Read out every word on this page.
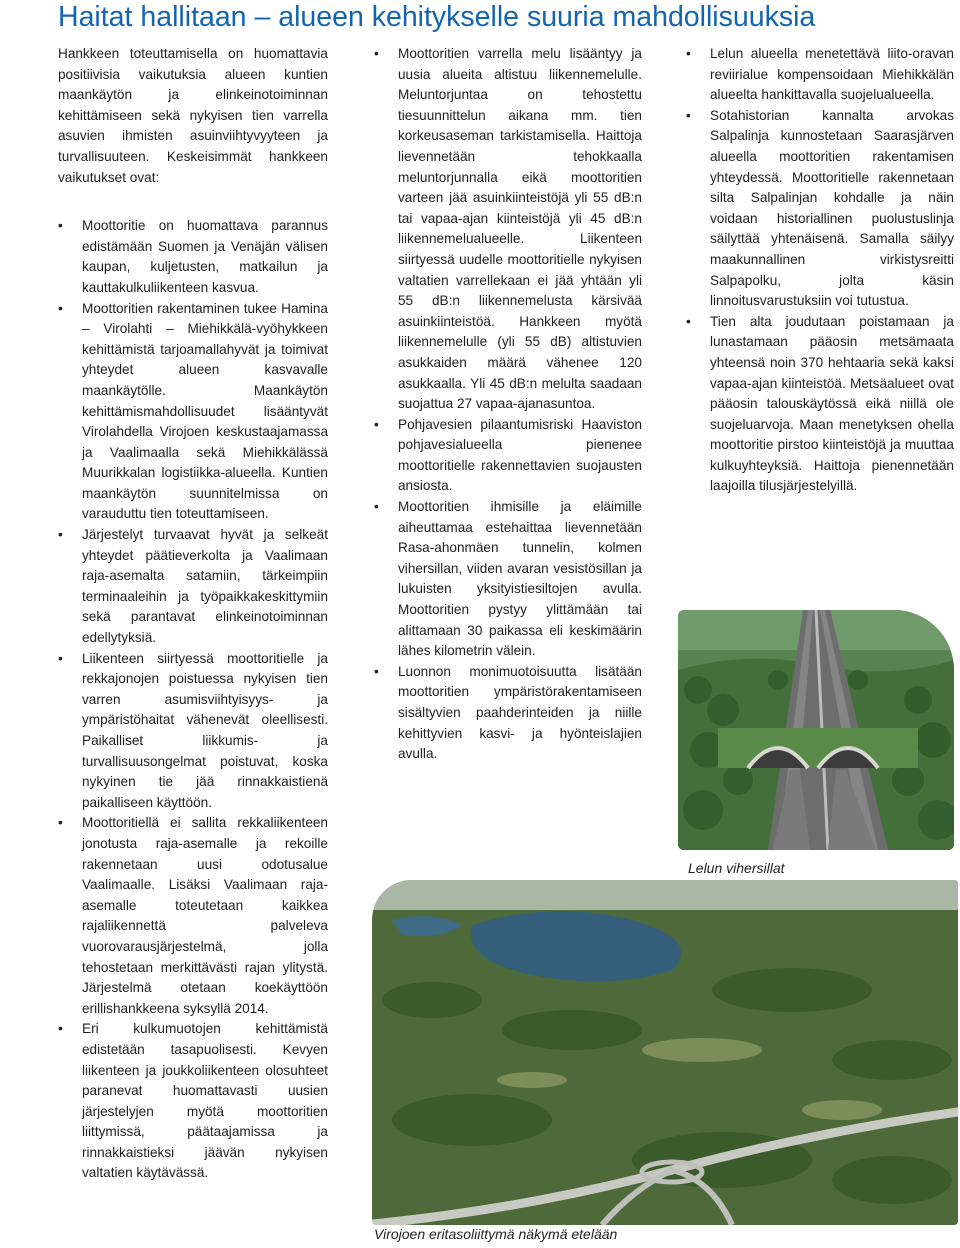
Haitat hallitaan – alueen kehitykselle suuria mahdollisuuksia

Hankkeen toteuttamisella on huomattavia positiivisia vaikutuksia alueen kuntien maankäytön ja elinkeinotoiminnan kehittämiseen sekä nykyisen tien varrella asuvien ihmisten asuinviihtyvyyteen ja turvallisuuteen. Keskeisimmät hankkeen vaikutukset ovat:

• Moottoritie on huomattava parannus edistämään Suomen ja Venäjän välisen kaupan, kuljetusten, matkailun ja kauttakulkuliikenteen kasvua.
• Moottoritien rakentaminen tukee Hamina – Virolahti – Miehikkälä-vyöhykkeen kehittämistä tarjoamallahyvät ja toimivat yhteydet alueen kasvavalle maankäytölle. Maankäytön kehittämismahdollisuudet lisääntyvät Virolahdella Virojoen keskustaajamassa ja Vaalimaalla sekä Miehikkälässä Muurikkalan logistiikka-alueella. Kuntien maankäytön suunnitelmissa on varauduttu tien toteuttamiseen.
• Järjestelyt turvaavat hyvät ja selkeät yhteydet päätieverkolta ja Vaalimaan raja-asemalta satamiin, tärkeimpiin terminaaleihin ja työpaikkakeskittymiin sekä parantavat elinkeinotoiminnan edellytyksiä.
• Liikenteen siirtyessä moottoritielle ja rekkajonojen poistuessa nykyisen tien varren asumisviihtyisyys- ja ympäristöhaitat vähenevät oleellisesti. Paikalliset liikkumis- ja turvallisuusongelmat poistuvat, koska nykyinen tie jää rinnakkaistienä paikalliseen käyttöön.
• Moottoritiellä ei sallita rekkaliikenteen jonotusta raja-asemalle ja rekoille rakennetaan uusi odotusalue Vaalimaalle. Lisäksi Vaalimaan raja-asemalle toteutetaan kaikkea rajaliikennettä palveleva vuorovarausjärjestelmä, jolla tehostetaan merkittävästi rajan ylitystä. Järjestelmä otetaan koekäyttöön erillishankkeena syksyllä 2014.
• Eri kulkumuotojen kehittämistä edistetään tasapuolisesti. Kevyen liikenteen ja joukkoliikenteen olosuhteet paranevat huomattavasti uusien järjestelyjen myötä moottoritien liittymissä, päätaajamissa ja rinnakkaistieksi jäävän nykyisen valtatien käytävässä.
• Moottoritien varrella melu lisääntyy ja uusia alueita altistuu liikennemelulle. Meluntorjuntaa on tehostettu tiesuunnittelun aikana mm. tien korkeusaseman tarkistamisella. Haittoja lievennetään tehokkaalla meluntorjunnalla eikä moottoritien varteen jää asuinkiinteistöjä yli 55 dB:n tai vapaa-ajan kiinteistöjä yli 45 dB:n liikennemelualueelle. Liikenteen siirtyessä uudelle moottoritielle nykyisen valtatien varrellekaan ei jää yhtään yli 55 dB:n liikennemelusta kärsivää asuinkiinteistöä. Hankkeen myötä liikennemelulle (yli 55 dB) altistuvien asukkaiden määrä vähenee 120 asukkaalla. Yli 45 dB:n melulta saadaan suojattua 27 vapaa-ajanasuntoa.
• Pohjavesien pilaantumisriski Haaviston pohjavesialueella pienenee moottoritielle rakennettavien suojausten ansiosta.
• Moottoritien ihmisille ja eläimille aiheuttamaa estehaittaa lievennetään Rasa-ahonmäen tunnelin, kolmen vihersillan, viiden avaran vesistösillan ja lukuisten yksityistiesiltojen avulla. Moottoritien pystyy ylittämään tai alittamaan 30 paikassa eli keskimäärin lähes kilometrin välein.
• Luonnon monimuotoisuutta lisätään moottoritien ympäristörakentamiseen sisältyvien paahderinteiden ja niille kehittyvien kasvi- ja hyönteislajien avulla.
• Lelun alueella menetettävä liito-oravan reviirialue kompensoidaan Miehikkälän alueelta hankittavalla suojelualueella.
• Sotahistorian kannalta arvokas Salpalinja kunnostetaan Saarasjärven alueella moottoritien rakentamisen yhteydessä. Moottoritielle rakennetaan silta Salpalinjan kohdalle ja näin voidaan historiallinen puolustuslinja säilyttää yhtenäisenä. Samalla säilyy maakunnallinen virkistysreitti Salpapolku, jolta käsin linnoitusvarustuksiin voi tutustua.
• Tien alta joudutaan poistamaan ja lunastamaan pääosin metsämaata yhteensä noin 370 hehtaaria sekä kaksi vapaa-ajan kiinteistöä. Metsäalueet ovat pääosin talouskäytössä eikä niillä ole suojeluarvoja. Maan menetyksen ohella moottoritie pirstoo kiinteistöjä ja muuttaa kulkuyhteyksiä. Haittoja pienennetään laajoilla tilusjärjestelyillä.
Lelun vihersillat
Virojoen eritasoliittymä näkymä etelään
